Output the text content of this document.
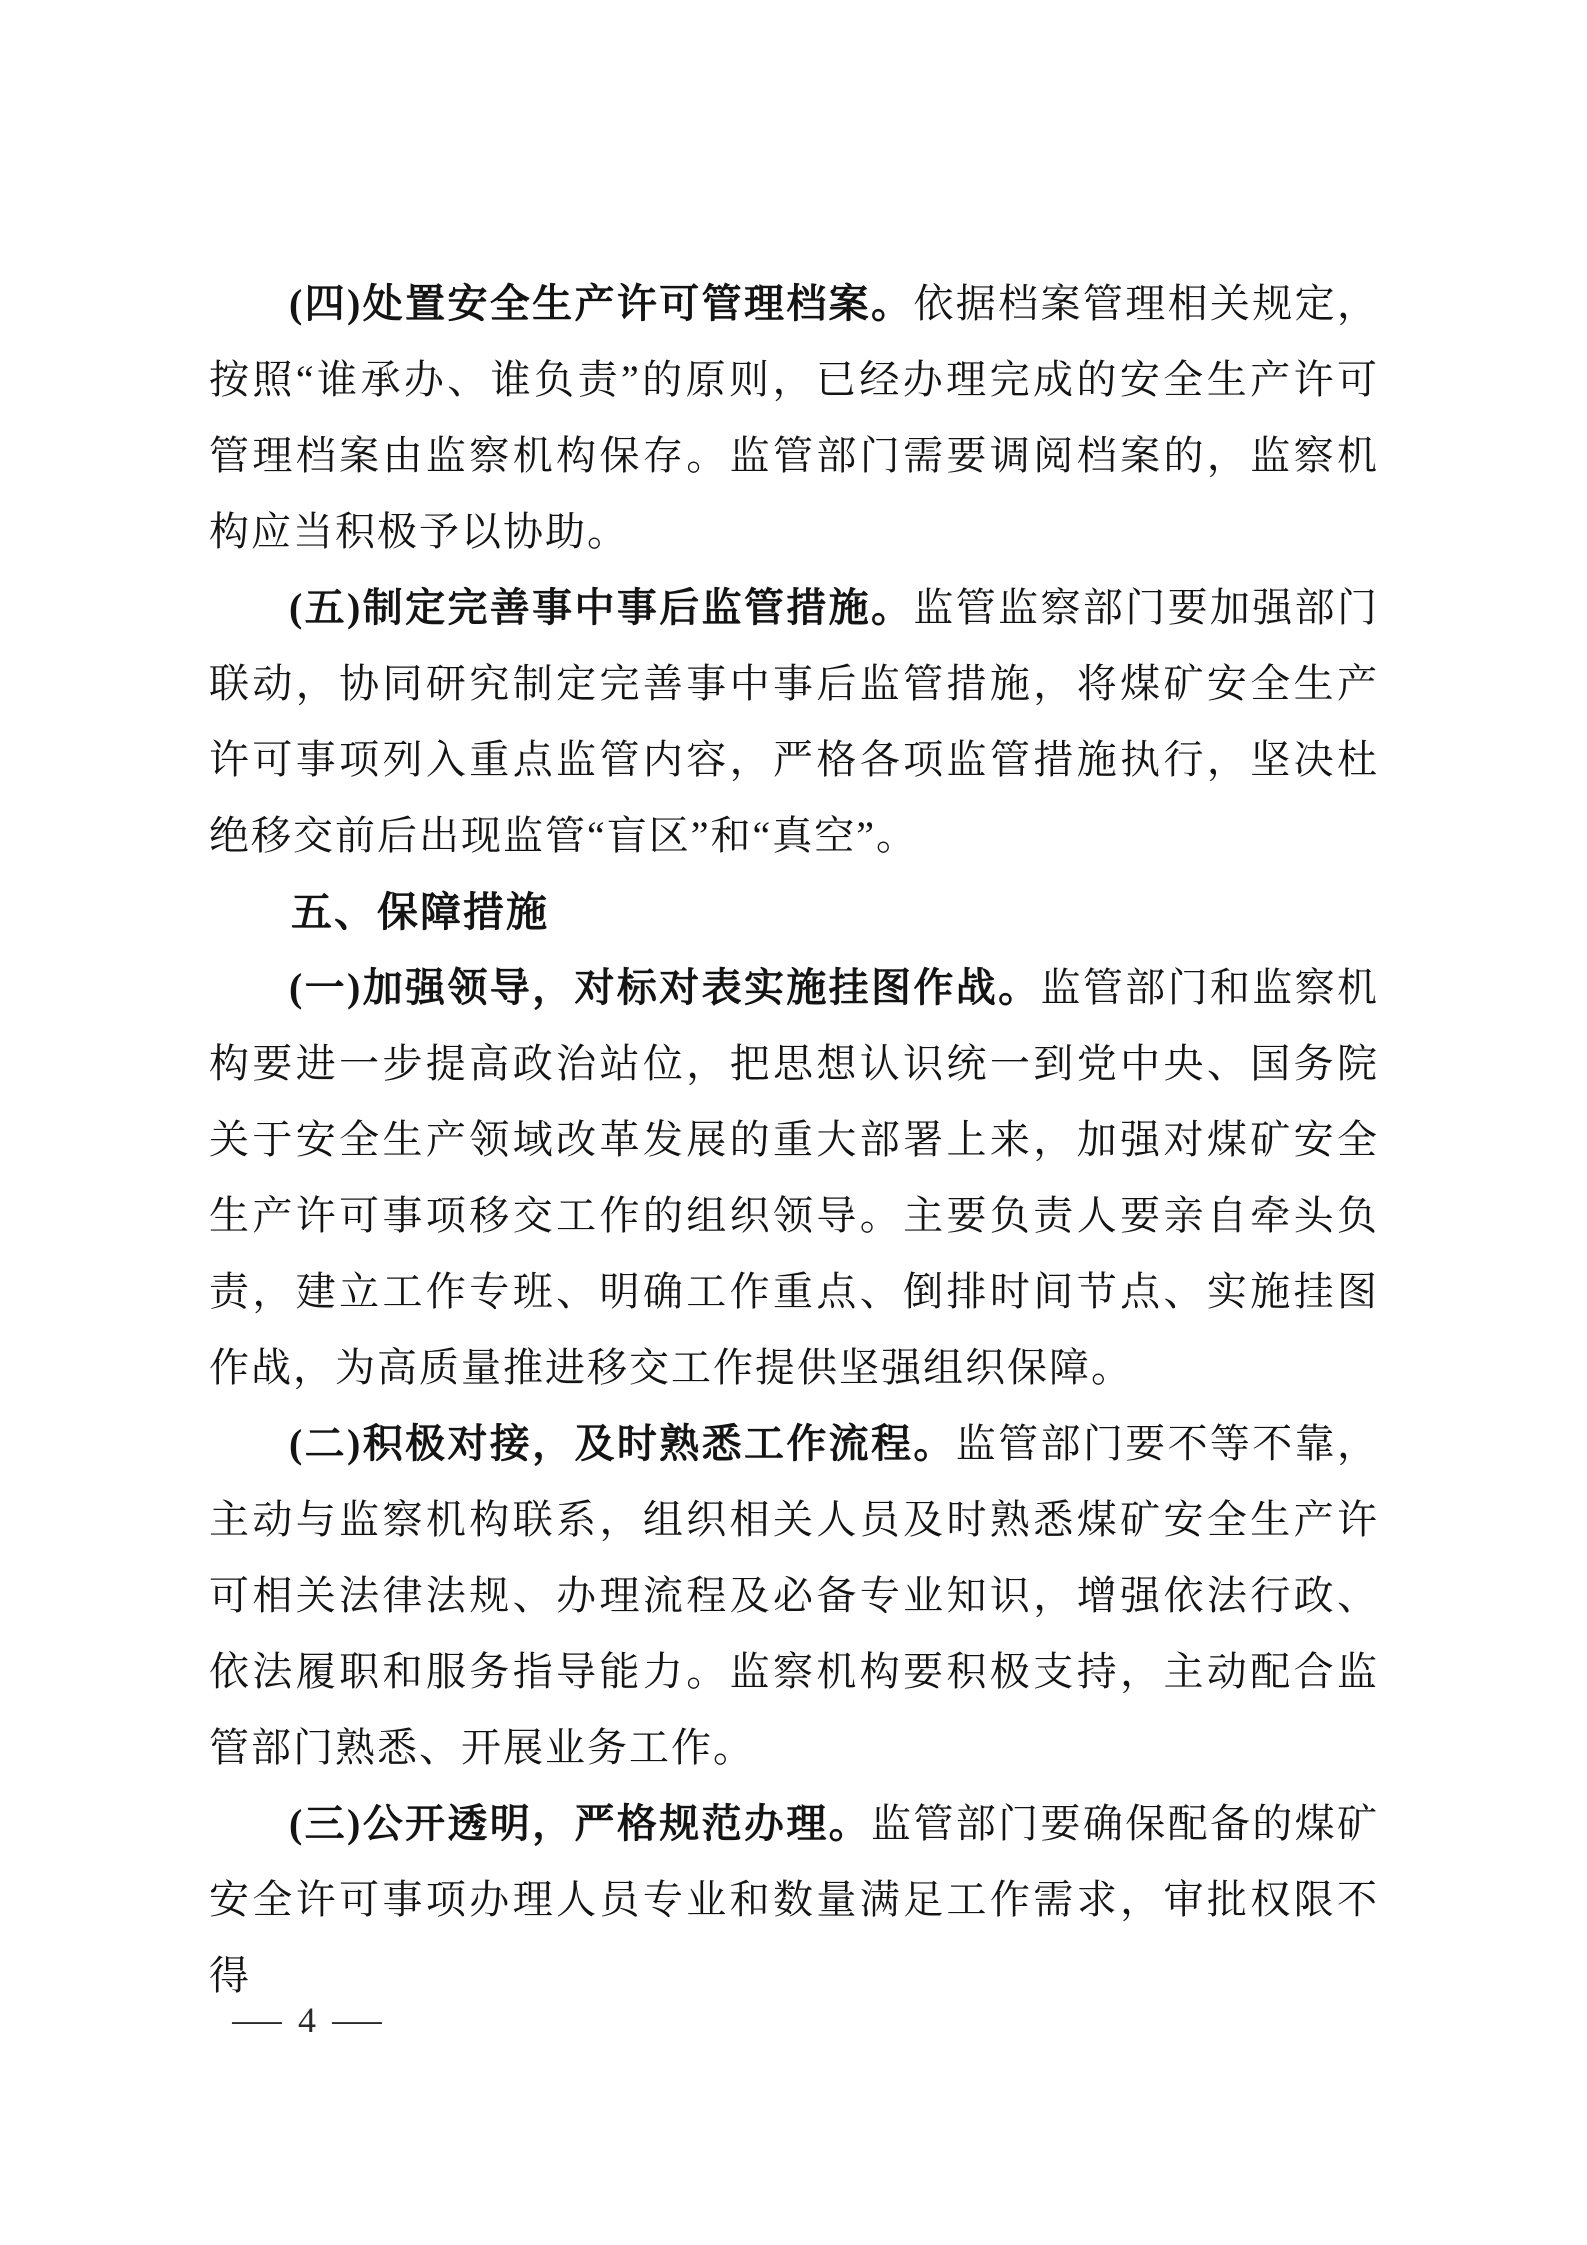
(四)处置安全生产许可管理档案。依据档案管理相关规定，按照“谁承办、谁负责”的原则，已经办理完成的安全生产许可管理档案由监察机构保存。监管部门需要调阅档案的，监察机构应当积极予以协助。

(五)制定完善事中事后监管措施。监管监察部门要加强部门联动，协同研究制定完善事中事后监管措施，将煤矿安全生产许可事项列入重点监管内容，严格各项监管措施执行，坚决杜绝移交前后出现监管“盲区”和“真空”。

五、保障措施

(一)加强领导，对标对表实施挂图作战。监管部门和监察机构要进一步提高政治站位，把思想认识统一到党中央、国务院关于安全生产领域改革发展的重大部署上来，加强对煤矿安全生产许可事项移交工作的组织领导。主要负责人要亲自牵头负责，建立工作专班、明确工作重点、倒排时间节点、实施挂图作战，为高质量推进移交工作提供坚强组织保障。

(二)积极对接，及时熟悉工作流程。监管部门要不等不靠，主动与监察机构联系，组织相关人员及时熟悉煤矿安全生产许可相关法律法规、办理流程及必备专业知识，增强依法行政、依法履职和服务指导能力。监察机构要积极支持，主动配合监管部门熟悉、开展业务工作。

(三)公开透明，严格规范办理。监管部门要确保配备的煤矿安全许可事项办理人员专业和数量满足工作需求，审批权限不得

— 4 —
